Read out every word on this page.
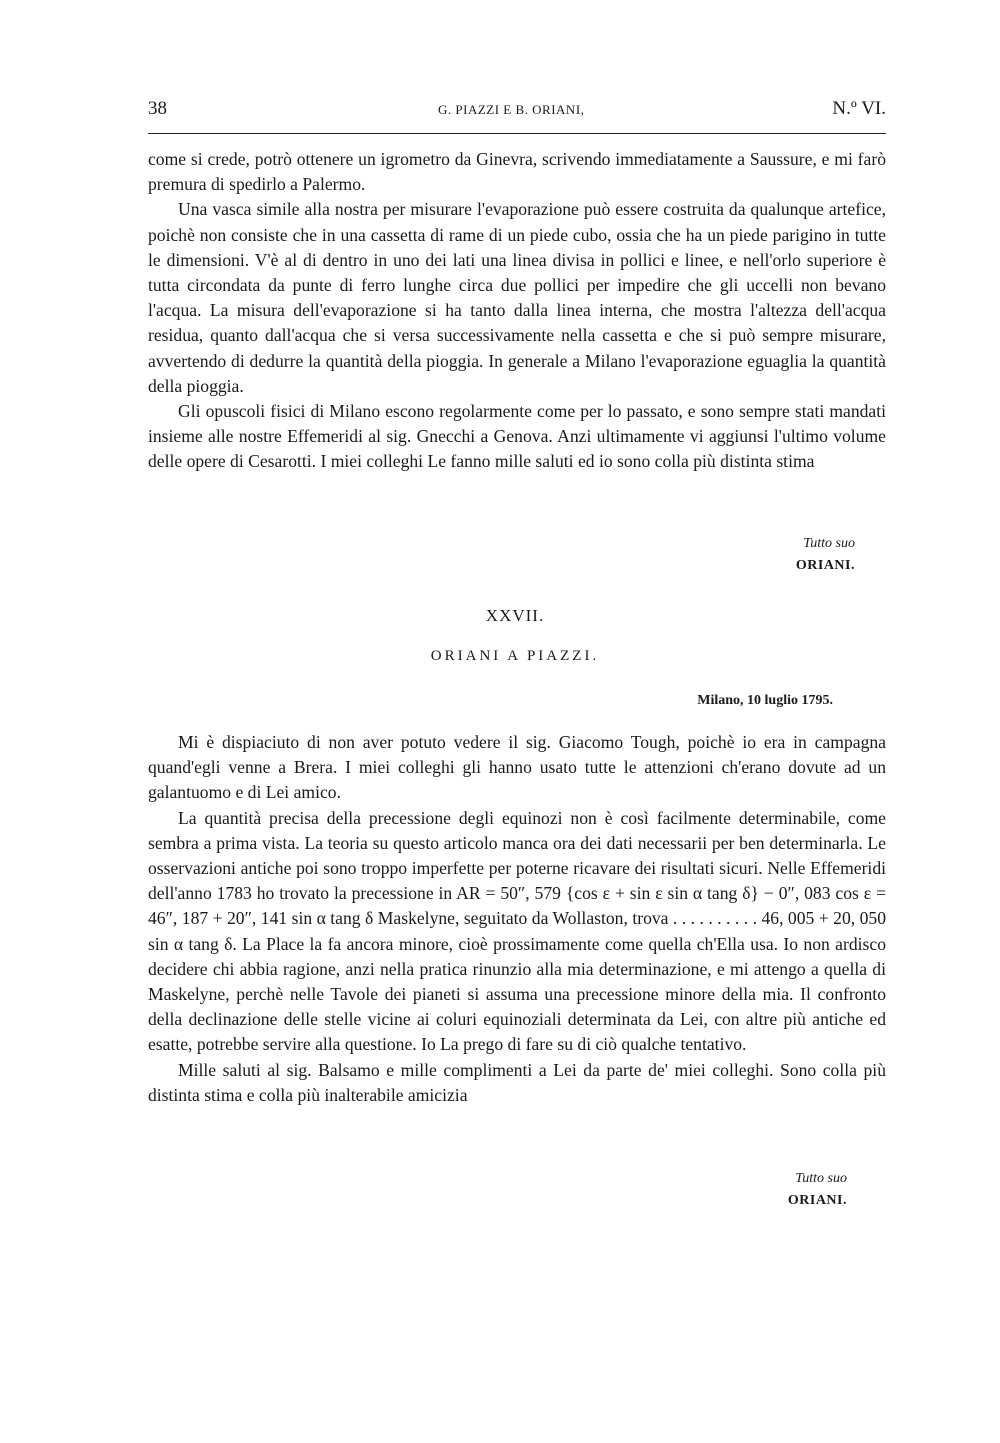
38	G. PIAZZI E B. ORIANI,	N.º VI.

come si crede, potrò ottenere un igrometro da Ginevra, scrivendo immediatamente a Saussure, e mi farò premura di spedirlo a Palermo.

Una vasca simile alla nostra per misurare l'evaporazione può essere costruita da qualunque artefice, poichè non consiste che in una cassetta di rame di un piede cubo, ossia che ha un piede parigino in tutte le dimensioni. V'è al di dentro in uno dei lati una linea divisa in pollici e linee, e nell'orlo superiore è tutta circondata da punte di ferro lunghe circa due pollici per impedire che gli uccelli non bevano l'acqua. La misura dell'evaporazione si ha tanto dalla linea interna, che mostra l'altezza dell'acqua residua, quanto dall'acqua che si versa successivamente nella cassetta e che si può sempre misurare, avvertendo di dedurre la quantità della pioggia. In generale a Milano l'evaporazione eguaglia la quantità della pioggia.

Gli opuscoli fisici di Milano escono regolarmente come per lo passato, e sono sempre stati mandati insieme alle nostre Effemeridi al sig. Gnecchi a Genova. Anzi ultimamente vi aggiunsi l'ultimo volume delle opere di Cesarotti. I miei colleghi Le fanno mille saluti ed io sono colla più distinta stima

Tutto suo
ORIANI.
XXVII.
ORIANI A PIAZZI.
Milano, 10 luglio 1795.

Mi è dispiaciuto di non aver potuto vedere il sig. Giacomo Tough, poichè io era in campagna quand'egli venne a Brera. I miei colleghi gli hanno usato tutte le attenzioni ch'erano dovute ad un galantuomo e di Lei amico.

La quantità precisa della precessione degli equinozi non è così facilmente determinabile, come sembra a prima vista. La teoria su questo articolo manca ora dei dati necessarii per ben determinarla. Le osservazioni antiche poi sono troppo imperfette per poterne ricavare dei risultati sicuri. Nelle Effemeridi dell'anno 1783 ho trovato la precessione in AR = 50″, 579 {cos ε + sin ε sin α tang δ} − 0″, 083 cos ε = 46″, 187 + 20″, 141 sin α tang δ Maskelyne, seguitato da Wollaston, trova . . . . . . . . . . 46, 005 + 20, 050 sin α tang δ. La Place la fa ancora minore, cioè prossimamente come quella ch'Ella usa. Io non ardisco decidere chi abbia ragione, anzi nella pratica rinunzio alla mia determinazione, e mi attengo a quella di Maskelyne, perchè nelle Tavole dei pianeti si assuma una precessione minore della mia. Il confronto della declinazione delle stelle vicine ai coluri equinoziali determinata da Lei, con altre più antiche ed esatte, potrebbe servire alla questione. Io La prego di fare su di ciò qualche tentativo.

Mille saluti al sig. Balsamo e mille complimenti a Lei da parte de' miei colleghi. Sono colla più distinta stima e colla più inalterabile amicizia

Tutto suo
ORIANI.
